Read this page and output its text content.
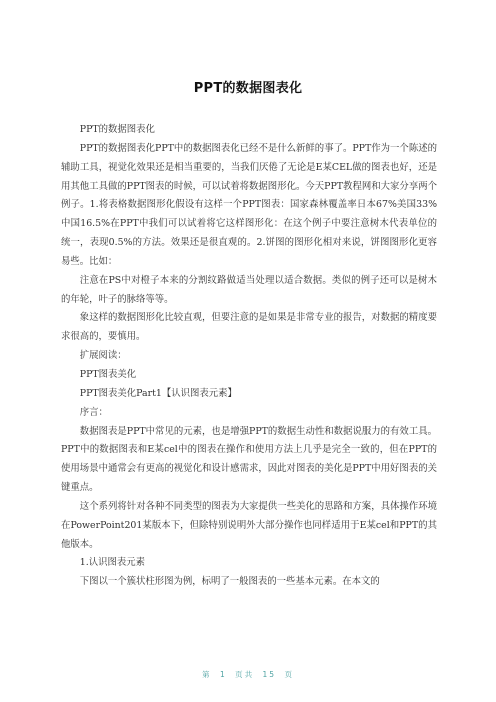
PPT的数据图表化

PPT的数据图表化

PPT的数据图表化PPT中的数据图表化已经不是什么新鲜的事了。PPT作为一个陈述的辅助工具，视觉化效果还是相当重要的，当我们厌倦了无论是E某CEL做的图表也好，还是用其他工具做的PPT图表的时候，可以试着将数据图形化。今天PPT教程网和大家分享两个例子。1.将表格数据图形化假设有这样一个PPT图表：国家森林覆盖率日本67%美国33%中国16.5%在PPT中我们可以试着将它这样图形化：在这个例子中要注意树木代表单位的统一，表现0.5%的方法。效果还是很直观的。2.饼图的图形化相对来说，饼图图形化更容易些。比如：

注意在PS中对橙子本来的分割纹路做适当处理以适合数据。类似的例子还可以是树木的年轮，叶子的脉络等等。

象这样的数据图形化比较直观，但要注意的是如果是非常专业的报告，对数据的精度要求很高的，要慎用。

扩展阅读：

PPT图表美化

PPT图表美化Part1【认识图表元素】

序言：

数据图表是PPT中常见的元素，也是增强PPT的数据生动性和数据说服力的有效工具。PPT中的数据图表和E某cel中的图表在操作和使用方法上几乎是完全一致的，但在PPT的使用场景中通常会有更高的视觉化和设计感需求，因此对图表的美化是PPT中用好图表的关键重点。

这个系列将针对各种不同类型的图表为大家提供一些美化的思路和方案，具体操作环境在PowerPoint201某版本下，但除特别说明外大部分操作也同样适用于E某cel和PPT的其他版本。

1.认识图表元素

下图以一个簇状柱形图为例，标明了一般图表的一些基本元素。在本文的

第 1 页共 15 页
